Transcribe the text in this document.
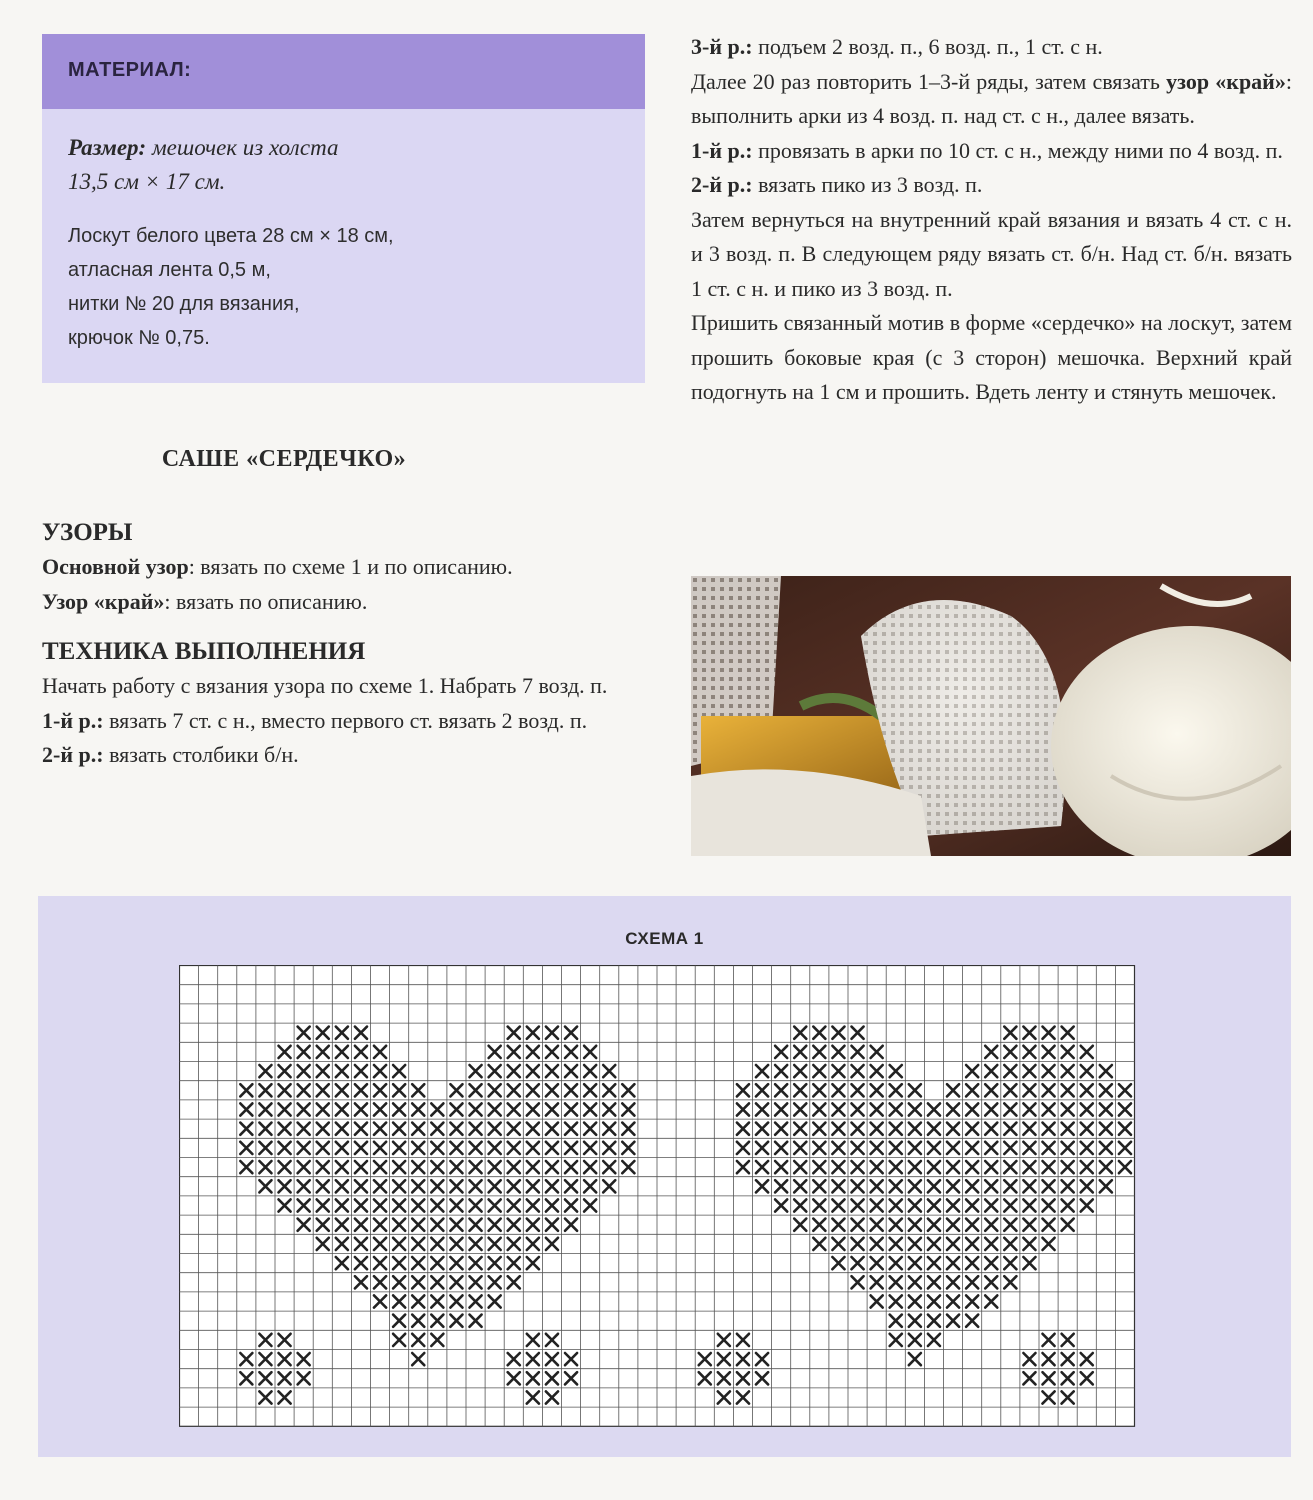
МАТЕРИАЛ:
Размер: мешочек из холста
13,5 см × 17 см.
Лоскут белого цвета 28 см × 18 см,
атласная лента 0,5 м,
нитки № 20 для вязания,
крючок № 0,75.
САШЕ «СЕРДЕЧКО»
УЗОРЫ

Основной узор: вязать по схеме 1 и по описанию.

Узор «край»: вязать по описанию.

ТЕХНИКА ВЫПОЛНЕНИЯ

Начать работу с вязания узора по схеме 1. Набрать 7 возд. п.

1-й р.: вязать 7 ст. с н., вместо первого ст. вязать 2 возд. п.

2-й р.: вязать столбики б/н.

3-й р.: подъем 2 возд. п., 6 возд. п., 1 ст. с н.

Далее 20 раз повторить 1–3-й ряды, затем связать узор «край»: выполнить арки из 4 возд. п. над ст. с н., далее вязать.

1-й р.: провязать в арки по 10 ст. с н., между ними по 4 возд. п.

2-й р.: вязать пико из 3 возд. п.

Затем вернуться на внутренний край вязания и вязать 4 ст. с н. и 3 возд. п. В следующем ряду вязать ст. б/н. Над ст. б/н. вязать 1 ст. с н. и пико из 3 возд. п.

Пришить связанный мотив в форме «сердечко» на лоскут, затем прошить боковые края (с 3 сторон) мешочка. Верхний край подогнуть на 1 см и прошить. Вдеть ленту и стянуть мешочек.

СХЕМА 1
